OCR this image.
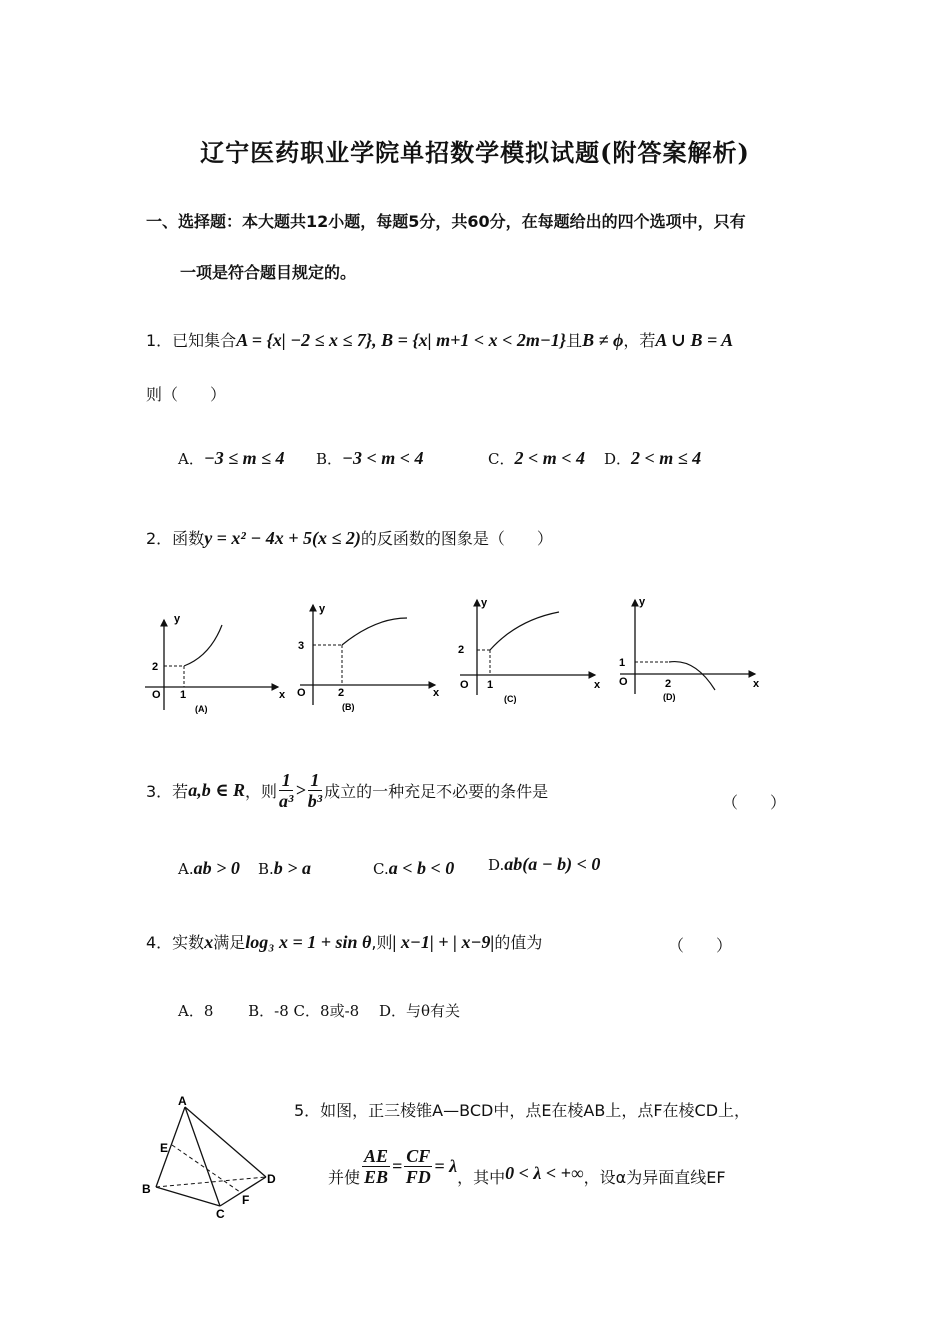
辽宁医药职业学院单招数学模拟试题(附答案解析)
一、选择题：本大题共12小题，每题5分，共60分，在每题给出的四个选项中，只有
一项是符合题目规定的。
1．已知集合A = {x| −2 ≤ x ≤ 7}, B = {x| m+1 < x < 2m−1}且B ≠ ϕ，若A ∪ B = A
则（　　）
A．−3 ≤ m ≤ 4 B．−3 < m < 4	C．2 < m < 4 D．2 < m ≤ 4
2．函数y = x² − 4x + 5(x ≤ 2)的反函数的图象是（　　）
y
x
O
2
1
(A)
y
x
O
3
2
(B)
y
x
O
2
1
(C)
y
x
O
1
2
(D)
3．若a,b ∈ R，则 $\frac{1}{\text{a³}} > \frac{1}{\text{b³}}$ 成立的一种充足不必要的条件是
（　　）
A.ab > 0 B.b > a	C.a < b < 0 D.ab(a − b) < 0
4．实数x满足log₃ x = 1 + sin θ,则| x−1| + | x−9|的值为	（　　）
A．8　　 B．-8 C．8或-8　 D．与θ有关
A
B
C
D
E
F
5．如图，正三棱锥A—BCD中，点E在棱AB上，点F在棱CD上，
并使 $\frac{AE}{EB} = \frac{CF}{FD} = \lambda$，其中0 < λ < +∞，设α为异面直线EF
